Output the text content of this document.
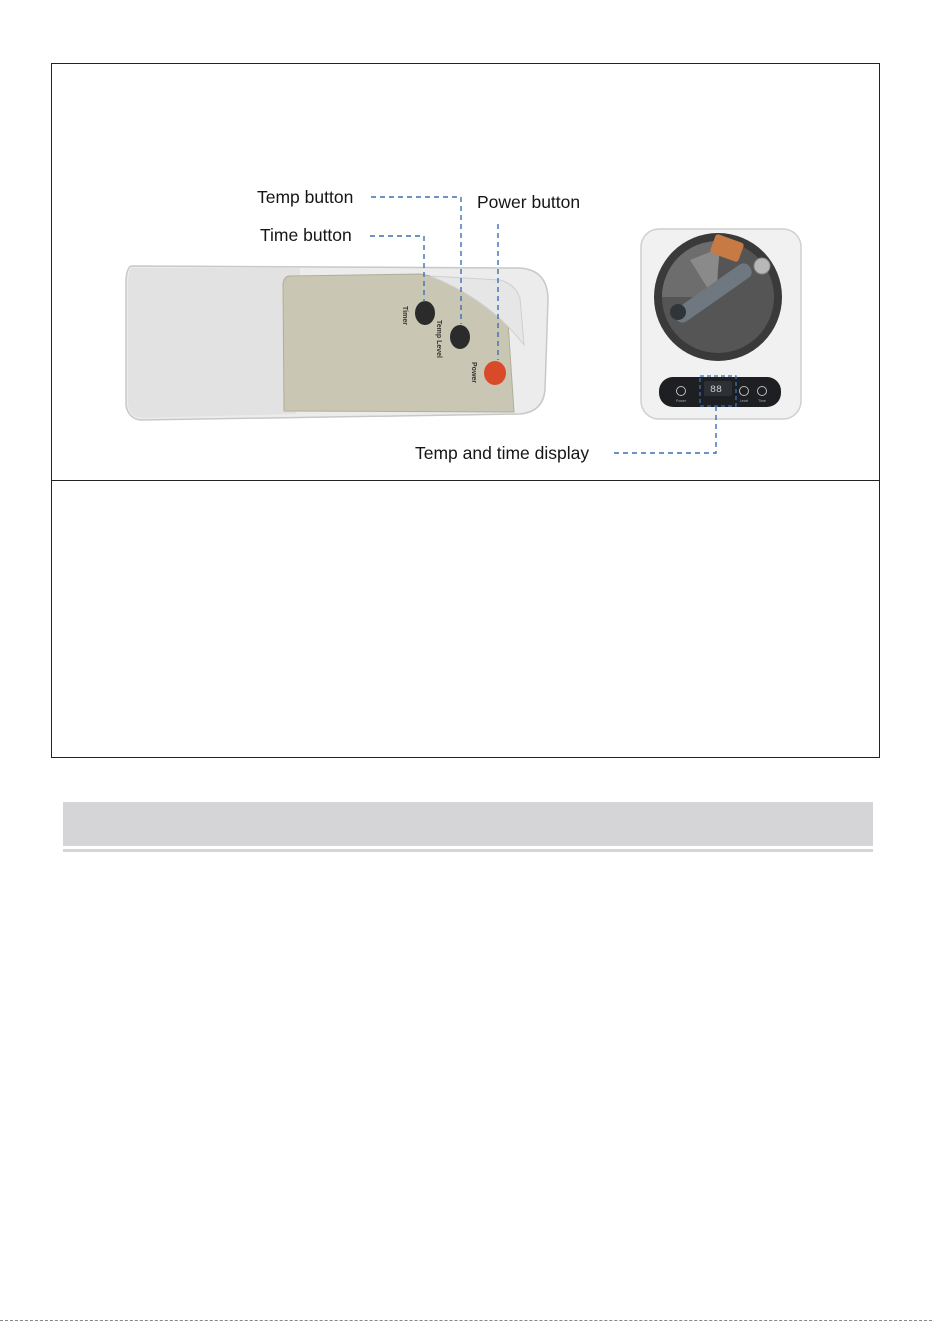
Timer
Temp Level
Power
88
Power	Level	Time
Temp button
Time button
Power button
Temp and time display
